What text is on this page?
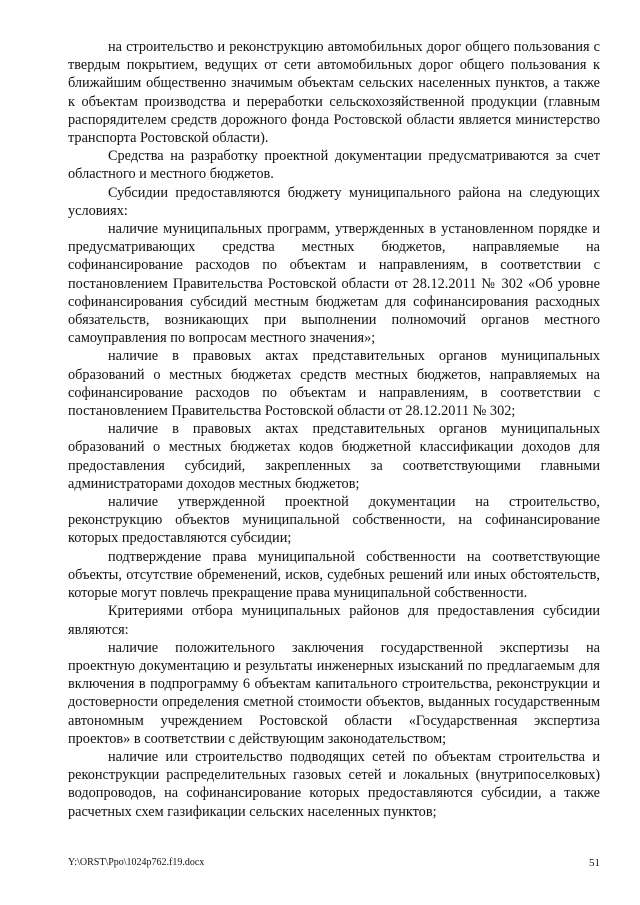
на строительство и реконструкцию автомобильных дорог общего пользования с твердым покрытием, ведущих от сети автомобильных дорог общего пользования к ближайшим общественно значимым объектам сельских населенных пунктов, а также к объектам производства и переработки сельскохозяйственной продукции (главным распорядителем средств дорожного фонда Ростовской области является министерство транспорта Ростовской области).

Средства на разработку проектной документации предусматриваются за счет областного и местного бюджетов.

Субсидии предоставляются бюджету муниципального района на следующих условиях:

наличие муниципальных программ, утвержденных в установленном порядке и предусматривающих средства местных бюджетов, направляемые на софинансирование расходов по объектам и направлениям, в соответствии с постановлением Правительства Ростовской области от 28.12.2011 № 302 «Об уровне софинансирования субсидий местным бюджетам для софинансирования расходных обязательств, возникающих при выполнении полномочий органов местного самоуправления по вопросам местного значения»;

наличие в правовых актах представительных органов муниципальных образований о местных бюджетах средств местных бюджетов, направляемых на софинансирование расходов по объектам и направлениям, в соответствии с постановлением Правительства Ростовской области от 28.12.2011 № 302;

наличие в правовых актах представительных органов муниципальных образований о местных бюджетах кодов бюджетной классификации доходов для предоставления субсидий, закрепленных за соответствующими главными администраторами доходов местных бюджетов;

наличие утвержденной проектной документации на строительство, реконструкцию объектов муниципальной собственности, на софинансирование которых предоставляются субсидии;

подтверждение права муниципальной собственности на соответствующие объекты, отсутствие обременений, исков, судебных решений или иных обстоятельств, которые могут повлечь прекращение права муниципальной собственности.

Критериями отбора муниципальных районов для предоставления субсидии являются:

наличие положительного заключения государственной экспертизы на проектную документацию и результаты инженерных изысканий по предлагаемым для включения в подпрограмму 6 объектам капитального строительства, реконструкции и достоверности определения сметной стоимости объектов, выданных государственным автономным учреждением Ростовской области «Государственная экспертиза проектов» в соответствии с действующим законодательством;

наличие или строительство подводящих сетей по объектам строительства и реконструкции распределительных газовых сетей и локальных (внутрипоселковых) водопроводов, на софинансирование которых предоставляются субсидии, а также расчетных схем газификации сельских населенных пунктов;

Y:\ORST\Ppo\1024p762.f19.docx	51
